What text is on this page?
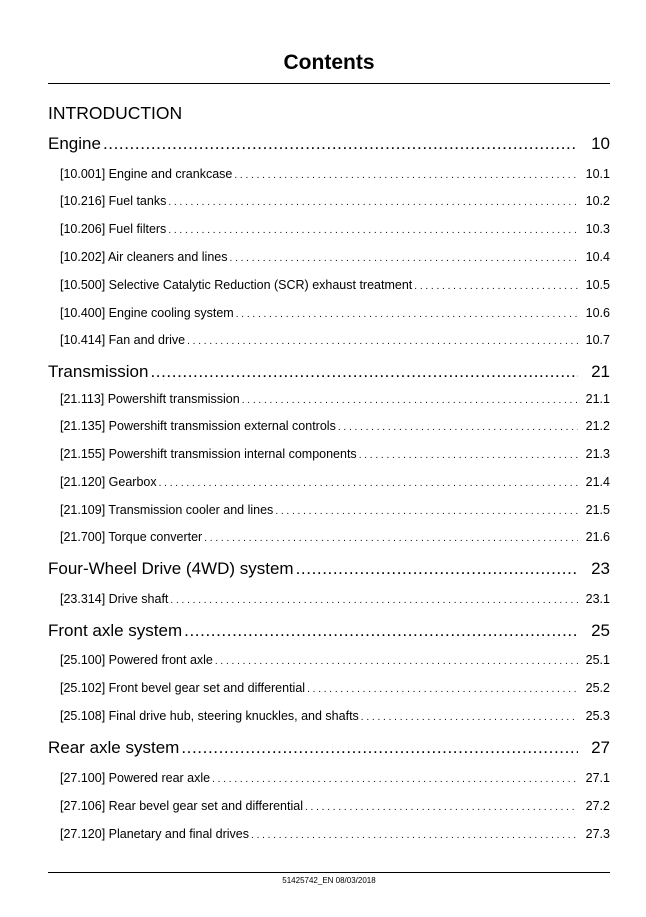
Contents
INTRODUCTION
Engine .....	10
[10.001] Engine and crankcase . . .	10.1
[10.216] Fuel tanks . . .	10.2
[10.206] Fuel filters . . .	10.3
[10.202] Air cleaners and lines . . .	10.4
[10.500] Selective Catalytic Reduction (SCR) exhaust treatment . . .	10.5
[10.400] Engine cooling system . . .	10.6
[10.414] Fan and drive . . .	10.7
Transmission .....	21
[21.113] Powershift transmission . . .	21.1
[21.135] Powershift transmission external controls . . .	21.2
[21.155] Powershift transmission internal components . . .	21.3
[21.120] Gearbox . . .	21.4
[21.109] Transmission cooler and lines . . .	21.5
[21.700] Torque converter . . .	21.6
Four-Wheel Drive (4WD) system .....	23
[23.314] Drive shaft . . .	23.1
Front axle system .....	25
[25.100] Powered front axle . . .	25.1
[25.102] Front bevel gear set and differential . . .	25.2
[25.108] Final drive hub, steering knuckles, and shafts . . .	25.3
Rear axle system .....	27
[27.100] Powered rear axle . . .	27.1
[27.106] Rear bevel gear set and differential . . .	27.2
[27.120] Planetary and final drives . . .	27.3
51425742_EN 08/03/2018
